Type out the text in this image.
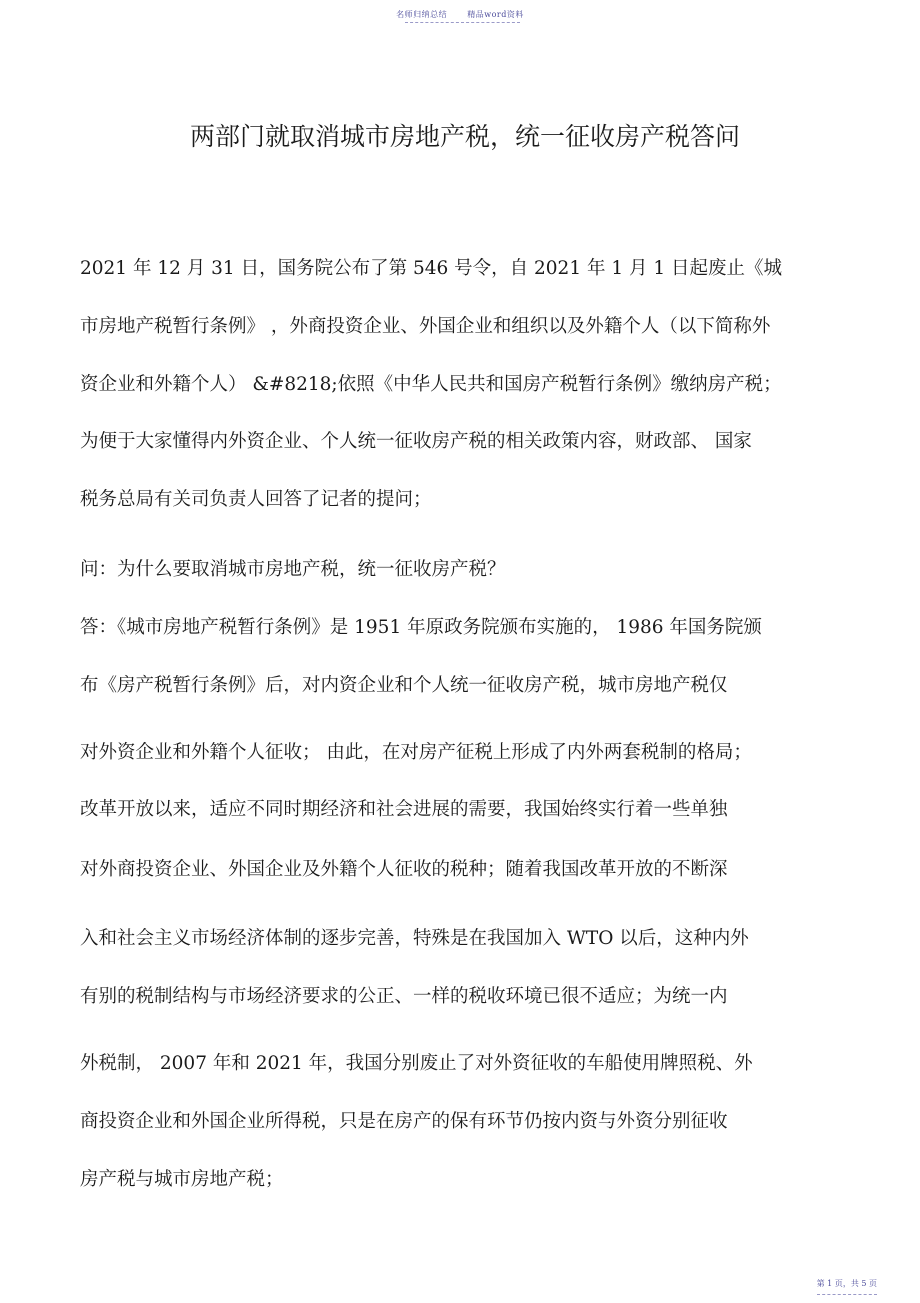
名师归纳总结	精品word资料
两部门就取消城市房地产税，统一征收房产税答问
2021 年 12 月 31 日，国务院公布了第 546 号令，自 2021 年 1 月 1 日起废止《城
市房地产税暂行条例》 ，外商投资企业、外国企业和组织以及外籍个人（以下简称外
资企业和外籍个人） &#8218;依照《中华人民共和国房产税暂行条例》缴纳房产税；
为便于大家懂得内外资企业、个人统一征收房产税的相关政策内容，财政部、 国家
税务总局有关司负责人回答了记者的提问；
问：为什么要取消城市房地产税，统一征收房产税？
答：《城市房地产税暂行条例》是 1951 年原政务院颁布实施的， 1986 年国务院颁
布《房产税暂行条例》后，对内资企业和个人统一征收房产税，城市房地产税仅
对外资企业和外籍个人征收； 由此，在对房产征税上形成了内外两套税制的格局；
改革开放以来，适应不同时期经济和社会进展的需要，我国始终实行着一些单独
对外商投资企业、外国企业及外籍个人征收的税种；随着我国改革开放的不断深
入和社会主义市场经济体制的逐步完善，特殊是在我国加入 WTO 以后，这种内外
有别的税制结构与市场经济要求的公正、一样的税收环境已很不适应；为统一内
外税制， 2007 年和 2021 年，我国分别废止了对外资征收的车船使用牌照税、外
商投资企业和外国企业所得税，只是在房产的保有环节仍按内资与外资分别征收
房产税与城市房地产税；
第 1 页，共 5 页
